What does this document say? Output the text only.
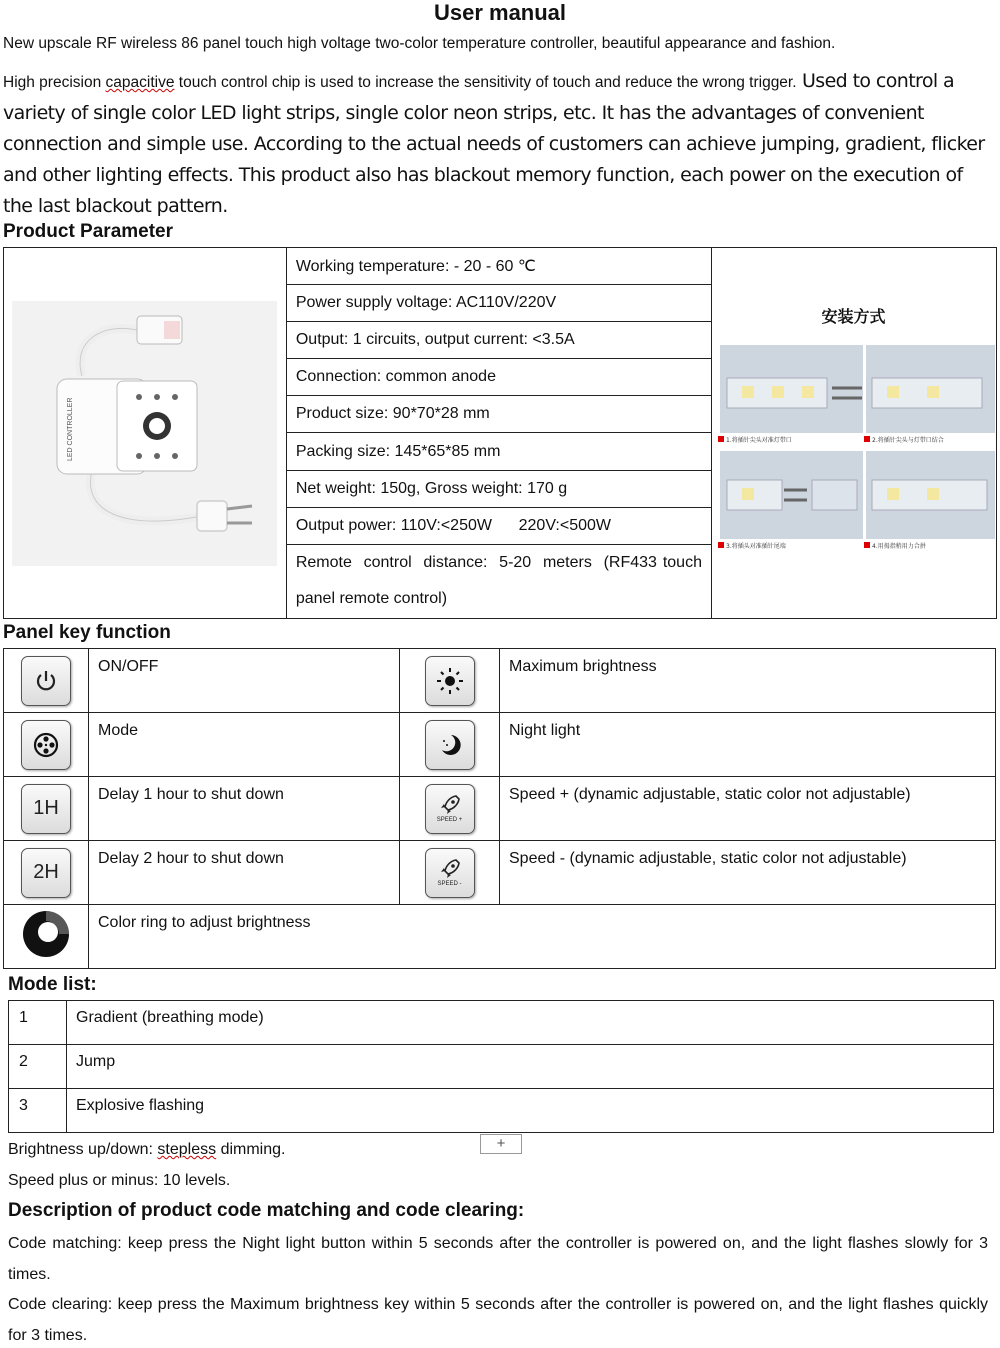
User manual
New upscale RF wireless 86 panel touch high voltage two-color temperature controller, beautiful appearance and fashion.
High precision capacitive touch control chip is used to increase the sensitivity of touch and reduce the wrong trigger. Used to control a variety of single color LED light strips, single color neon strips, etc. It has the advantages of convenient connection and simple use. According to the actual needs of customers can achieve jumping, gradient, flicker and other lighting effects. This product also has blackout memory function, each power on the execution of the last blackout pattern.
Product Parameter
LED CONTROLLER
	Working temperature: - 20 - 60 ℃	
安装方式
1.将插针尖头对准灯带口	2.将插针尖头与灯带口结合
3.将插头对准插针尾端	4.用拇指稍用力合拼

Power supply voltage: AC110V/220V
Output: 1 circuits, output current: <3.5A
Connection: common anode
Product size: 90*70*28 mm
Packing size: 145*65*85 mm
Net weight: 150g, Gross weight: 170 g
Output power: 110V:<250W      220V:<500W
Remote  control  distance:  5-20  meters  (RF433 touch panel remote control)
Panel key function
	ON/OFF		Maximum brightness

	Mode		Night light
1H	Delay 1 hour to shut down	SPEED +	Speed + (dynamic adjustable, static color not adjustable)
2H	Delay 2 hour to shut down	SPEED -	Speed - (dynamic adjustable, static color not adjustable)
	Color ring to adjust brightness		
Mode list:
1	Gradient (breathing mode)
2	Jump
3	Explosive flashing
Brightness up/down: stepless dimming.	+
Speed plus or minus: 10 levels.
Description of product code matching and code clearing:
Code matching: keep press the Night light button within 5 seconds after the controller is powered on, and the light flashes slowly for 3 times.
Code clearing: keep press the Maximum brightness key within 5 seconds after the controller is powered on, and the light flashes quickly for 3 times.
